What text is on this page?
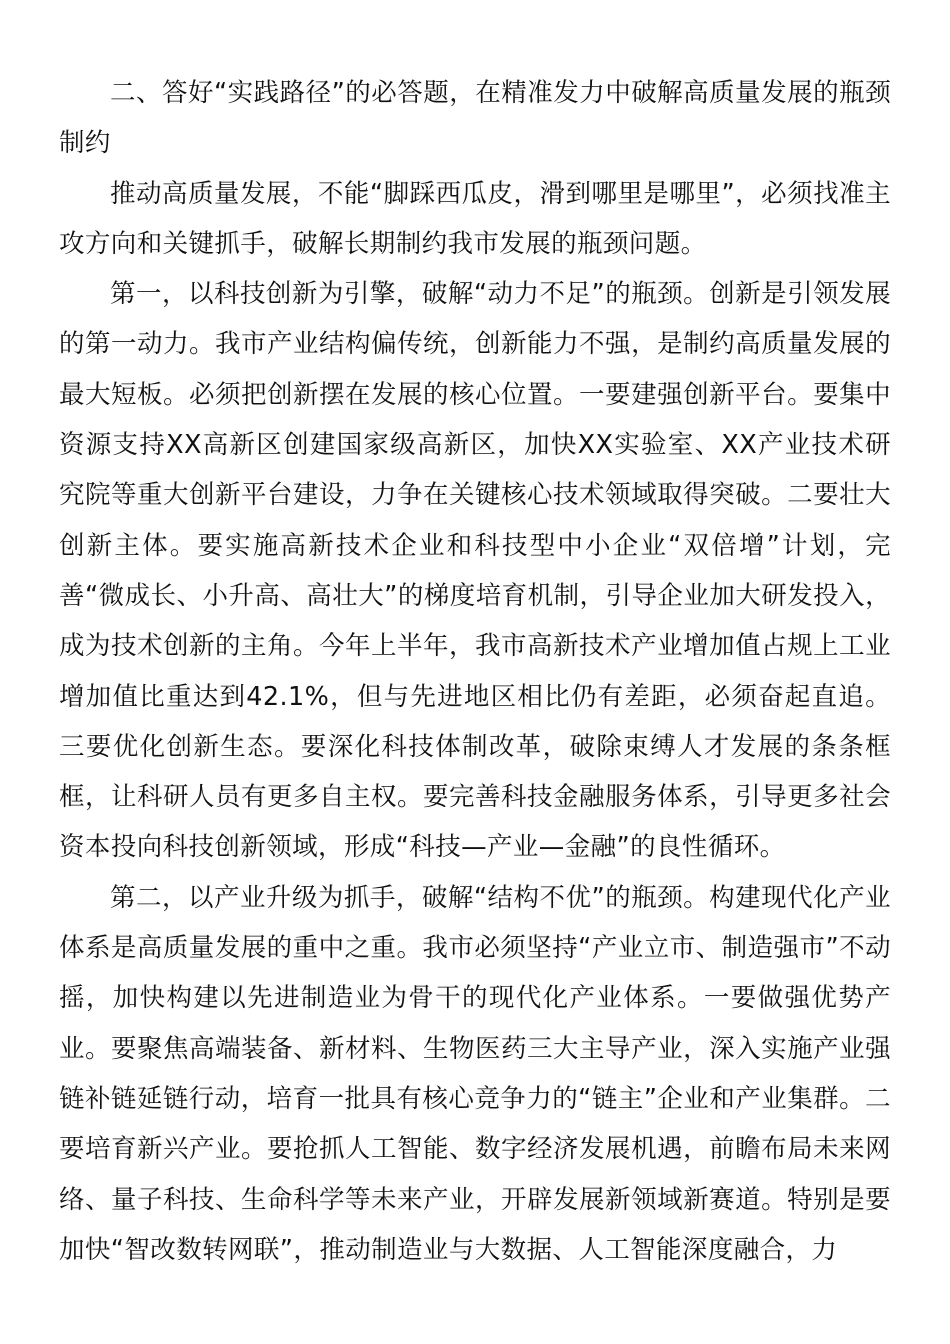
二、答好“实践路径”的必答题，在精准发力中破解高质量发展的瓶颈制约

推动高质量发展，不能“脚踩西瓜皮，滑到哪里是哪里”，必须找准主攻方向和关键抓手，破解长期制约我市发展的瓶颈问题。

第一，以科技创新为引擎，破解“动力不足”的瓶颈。创新是引领发展的第一动力。我市产业结构偏传统，创新能力不强，是制约高质量发展的最大短板。必须把创新摆在发展的核心位置。一要建强创新平台。要集中资源支持XX高新区创建国家级高新区，加快XX实验室、XX产业技术研究院等重大创新平台建设，力争在关键核心技术领域取得突破。二要壮大创新主体。要实施高新技术企业和科技型中小企业“双倍增”计划，完善“微成长、小升高、高壮大”的梯度培育机制，引导企业加大研发投入，成为技术创新的主角。今年上半年，我市高新技术产业增加值占规上工业增加值比重达到42.1%，但与先进地区相比仍有差距，必须奋起直追。三要优化创新生态。要深化科技体制改革，破除束缚人才发展的条条框框，让科研人员有更多自主权。要完善科技金融服务体系，引导更多社会资本投向科技创新领域，形成“科技—产业—金融”的良性循环。

第二，以产业升级为抓手，破解“结构不优”的瓶颈。构建现代化产业体系是高质量发展的重中之重。我市必须坚持“产业立市、制造强市”不动摇，加快构建以先进制造业为骨干的现代化产业体系。一要做强优势产业。要聚焦高端装备、新材料、生物医药三大主导产业，深入实施产业强链补链延链行动，培育一批具有核心竞争力的“链主”企业和产业集群。二要培育新兴产业。要抢抓人工智能、数字经济发展机遇，前瞻布局未来网络、量子科技、生命科学等未来产业，开辟发展新领域新赛道。特别是要加快“智改数转网联”，推动制造业与大数据、人工智能深度融合，力
